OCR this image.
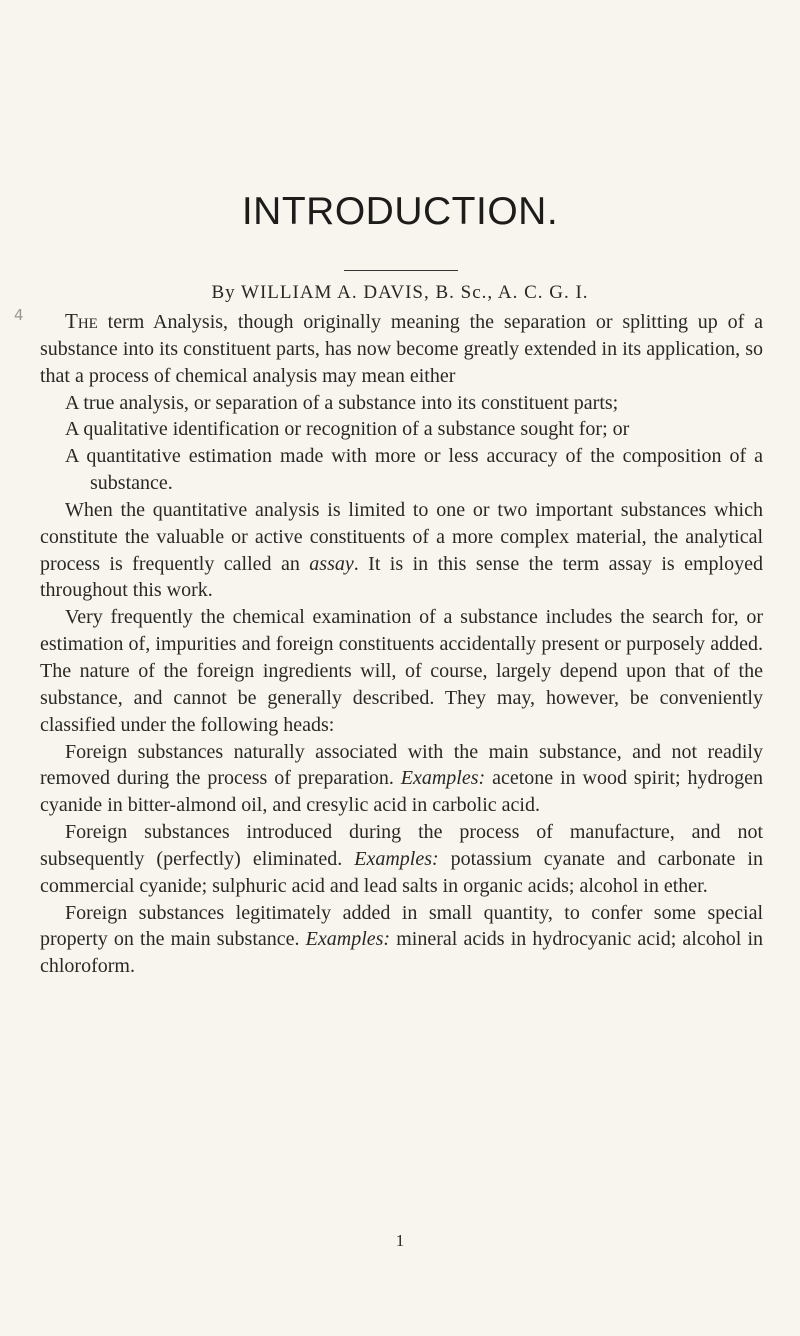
4
INTRODUCTION.
By WILLIAM A. DAVIS, B. Sc., A. C. G. I.

The term Analysis, though originally meaning the separation or splitting up of a substance into its constituent parts, has now become greatly extended in its application, so that a process of chemical analysis may mean either

A true analysis, or separation of a substance into its constituent parts;

A qualitative identification or recognition of a substance sought for; or

A quantitative estimation made with more or less accuracy of the composition of a substance.

When the quantitative analysis is limited to one or two important substances which constitute the valuable or active constituents of a more complex material, the analytical process is frequently called an assay. It is in this sense the term assay is employed throughout this work.

Very frequently the chemical examination of a substance includes the search for, or estimation of, impurities and foreign constituents accidentally present or purposely added. The nature of the foreign ingredients will, of course, largely depend upon that of the substance, and cannot be generally described. They may, however, be conveniently classified under the following heads:

Foreign substances naturally associated with the main substance, and not readily removed during the process of preparation. Examples: acetone in wood spirit; hydrogen cyanide in bitter-almond oil, and cresylic acid in carbolic acid.

Foreign substances introduced during the process of manufacture, and not subsequently (perfectly) eliminated. Examples: potassium cyanate and carbonate in commercial cyanide; sulphuric acid and lead salts in organic acids; alcohol in ether.

Foreign substances legitimately added in small quantity, to confer some special property on the main substance. Examples: mineral acids in hydrocyanic acid; alcohol in chloroform.

1
